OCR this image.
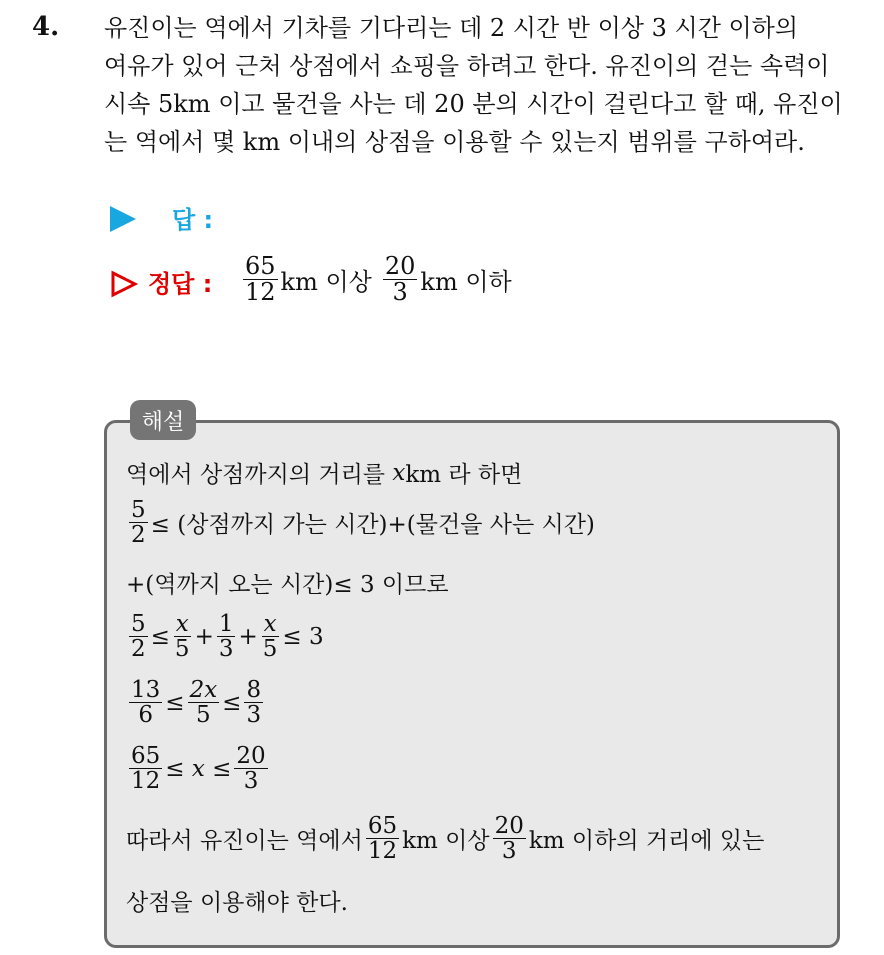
4. 유진이는 역에서 기차를 기다리는 데 2 시간 반 이상 3 시간 이하의
여유가 있어 근처 상점에서 쇼핑을 하려고 한다. 유진이의 걷는 속력이
시속 5km 이고 물건을 사는 데 20 분의 시간이 걸린다고 할 때, 유진이
는 역에서 몇 km 이내의 상점을 이용할 수 있는지 범위를 구하여라.
답 :
정답 : $\frac{65}{12}$ km 이상 $\frac{20}{3}$ km 이하
해설
역에서 상점까지의 거리를
x km 라 하면
$\frac{5}{2}$ ≤ (상점까지 가는 시간)+(물건을 사는 시간)
+(역까지 오는 시간)≤ 3 이므로
$\frac{5}{2} \le \frac{x}{5} + \frac{1}{3} + \frac{x}{5} \le 3$
$\frac{13}{6} \le \frac{2x}{5} \le \frac{8}{3}$
$\frac{65}{12} \le x \le \frac{20}{3}$
따라서 유진이는 역에서 $\frac{65}{12}$ km 이상 $\frac{20}{3}$ km 이하의 거리에 있는
상점을 이용해야 한다.
